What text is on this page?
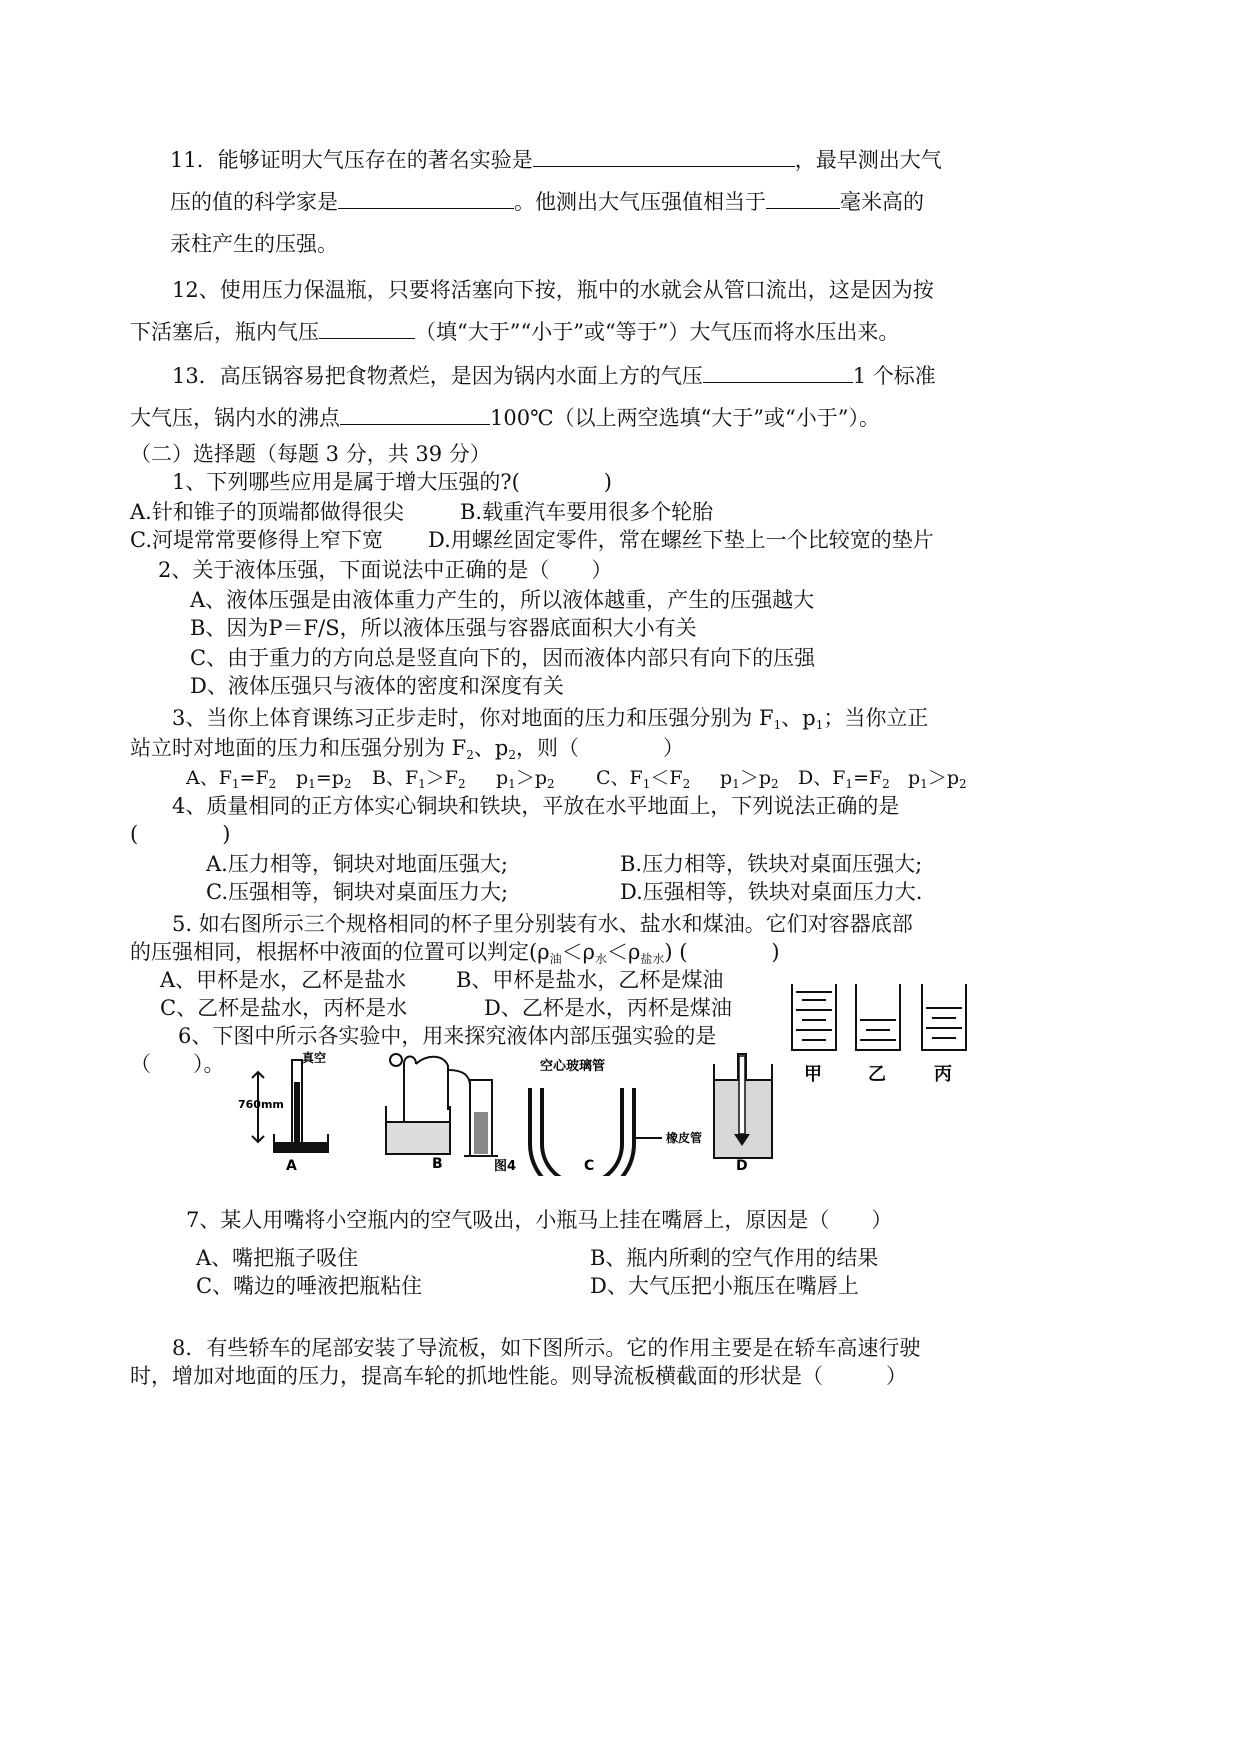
11．能够证明大气压存在的著名实验是	，最早测出大气
压的值的科学家是	。他测出大气压强值相当于	毫米高的
汞柱产生的压强。
12、使用压力保温瓶，只要将活塞向下按，瓶中的水就会从管口流出，这是因为按
下活塞后，瓶内气压	（填“大于”“小于”或“等于”）大气压而将水压出来。
13．高压锅容易把食物煮烂，是因为锅内水面上方的气压	1 个标准
大气压，锅内水的沸点	100℃（以上两空选填“大于”或“小于”）。
（二）选择题（每题 3 分，共 39 分）
1、下列哪些应用是属于增大压强的?(　　　　)
A.针和锥子的顶端都做得很尖	B.载重汽车要用很多个轮胎
C.河堤常常要修得上窄下宽 D.用螺丝固定零件，常在螺丝下垫上一个比较宽的垫片
2、关于液体压强，下面说法中正确的是（　　）
A、液体压强是由液体重力产生的，所以液体越重，产生的压强越大
B、因为P＝F/S，所以液体压强与容器底面积大小有关
C、由于重力的方向总是竖直向下的，因而液体内部只有向下的压强
D、液体压强只与液体的密度和深度有关
3、当你上体育课练习正步走时，你对地面的压力和压强分别为 $F_1$、$p_1$；当你立正
站立时对地面的压力和压强分别为 $F_2$、$p_2$，则（　　　　）
A、$F_1=F_2$ $p_1=p_2$ B、$F_1>F_2$ $p_1>p_2$ C、$F_1<F_2$ $p_1>p_2$ D、$F_1=F_2$ $p_1>p_2$
4、质量相同的正方体实心铜块和铁块，平放在水平地面上，下列说法正确的是
(　　　　)
A.压力相等，铜块对地面压强大;	B.压力相等，铁块对桌面压强大;
C.压强相等，铜块对桌面压力大;	D.压强相等，铁块对桌面压力大.
5. 如右图所示三个规格相同的杯子里分别装有水、盐水和煤油。它们对容器底部
的压强相同，根据杯中液面的位置可以判定$(\rho_油<\rho_水<\rho_{盐水})$ (　　　　)
A、甲杯是水，乙杯是盐水 B、甲杯是盐水，乙杯是煤油
C、乙杯是盐水，丙杯是水	D、乙杯是水，丙杯是煤油
甲	乙	丙
6、下图中所示各实验中，用来探究液体内部压强实验的是
（　　）。	真空
760mm
空心玻璃管
橡皮管
A	B	图4	C	D
7、某人用嘴将小空瓶内的空气吸出，小瓶马上挂在嘴唇上，原因是（　　）
A、嘴把瓶子吸住	B、瓶内所剩的空气作用的结果
C、嘴边的唾液把瓶粘住	D、大气压把小瓶压在嘴唇上
8．有些轿车的尾部安装了导流板，如下图所示。它的作用主要是在轿车高速行驶
时，增加对地面的压力，提高车轮的抓地性能。则导流板横截面的形状是（　　　）
